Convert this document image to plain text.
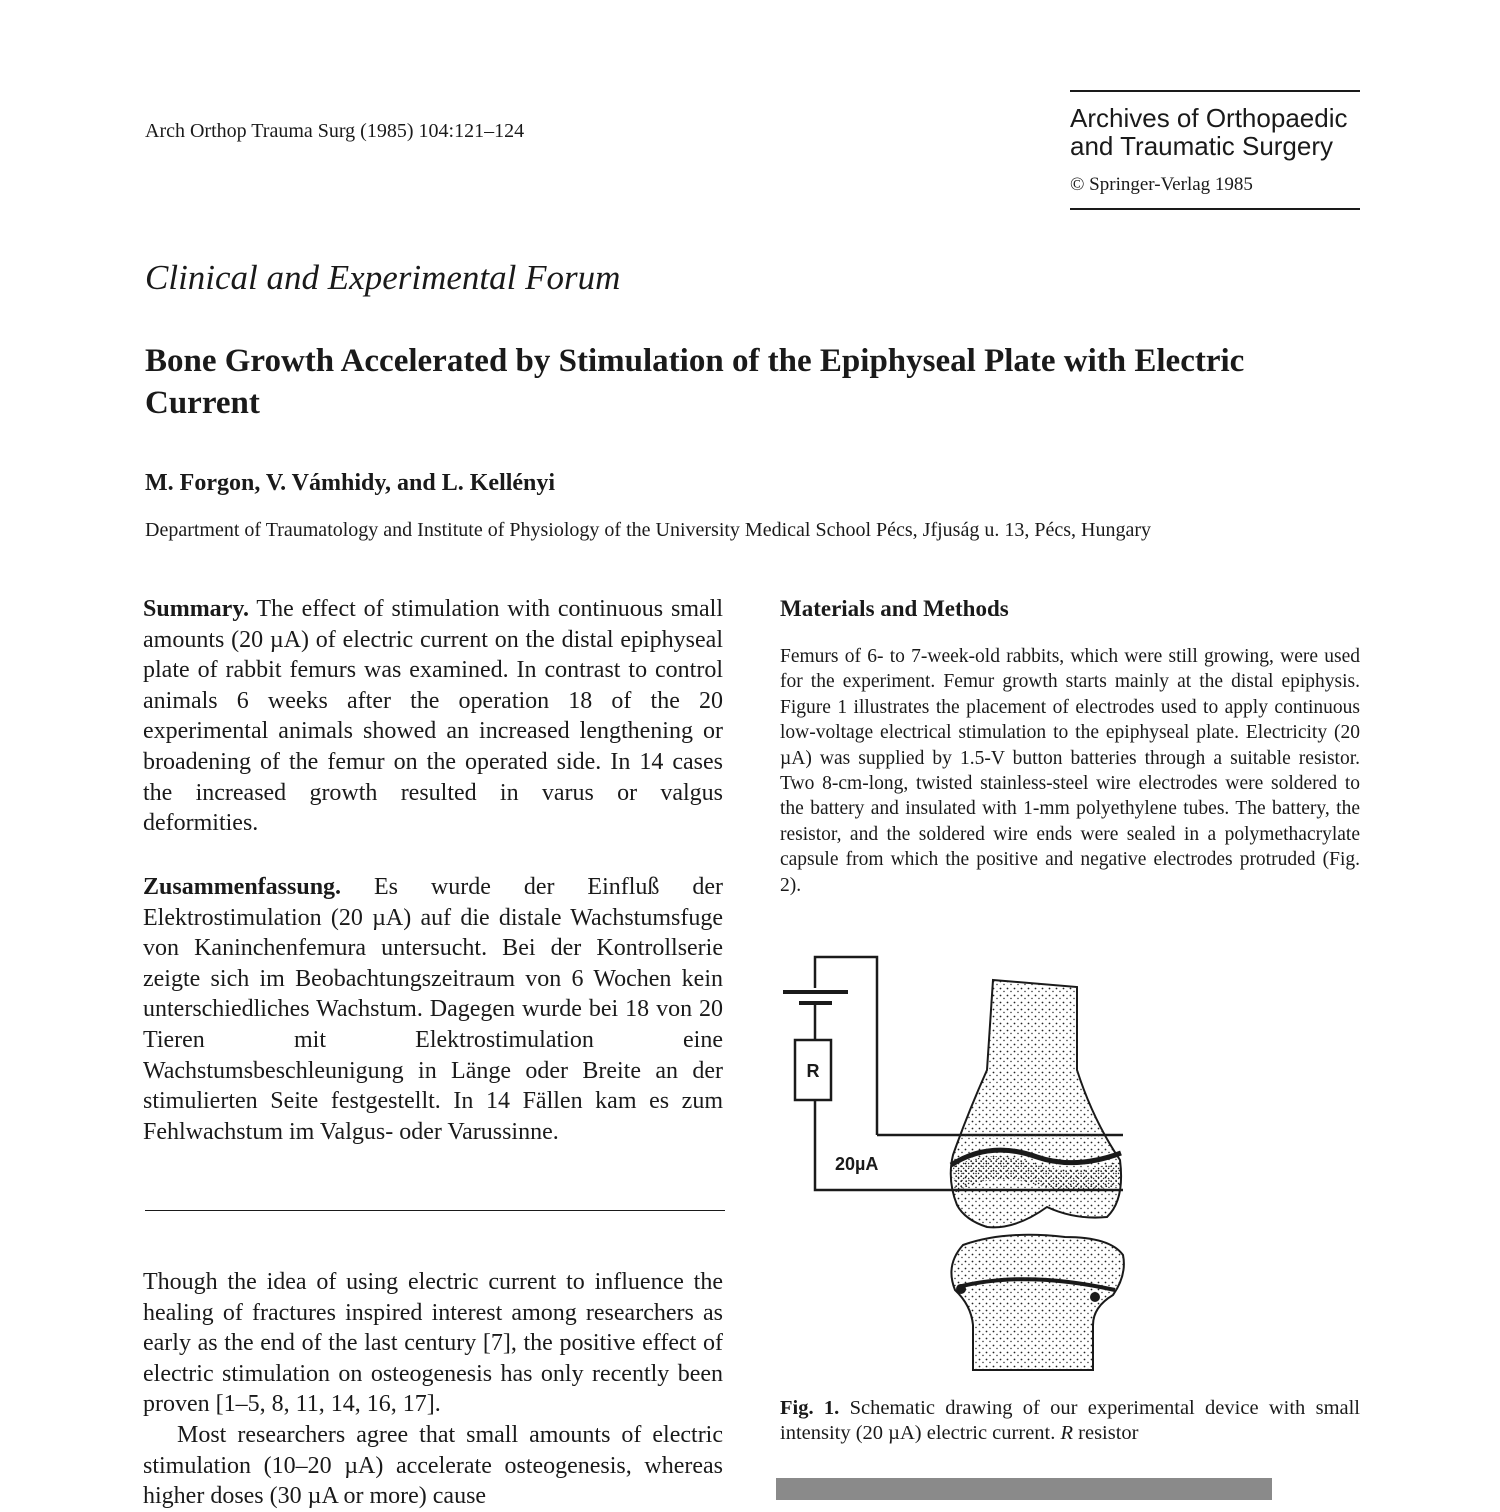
Arch Orthop Trauma Surg (1985) 104:121–124	Archives of Orthopaedic
and Traumatic Surgery
© Springer-Verlag 1985
Clinical and Experimental Forum
Bone Growth Accelerated by Stimulation of the Epiphyseal Plate with Electric Current
M. Forgon, V. Vámhidy, and L. Kellényi
Department of Traumatology and Institute of Physiology of the University Medical School Pécs, Jfjuság u. 13, Pécs, Hungary
Summary. The effect of stimulation with continuous small amounts (20 µA) of electric current on the distal epiphyseal plate of rabbit femurs was examined. In contrast to control animals 6 weeks after the operation 18 of the 20 experimental animals showed an increased lengthening or broadening of the femur on the operated side. In 14 cases the increased growth resulted in varus or valgus deformities.
Zusammenfassung. Es wurde der Einfluß der Elektrostimulation (20 µA) auf die distale Wachstumsfuge von Kaninchenfemura untersucht. Bei der Kontrollserie zeigte sich im Beobachtungszeitraum von 6 Wochen kein unterschiedliches Wachstum. Dagegen wurde bei 18 von 20 Tieren mit Elektrostimulation eine Wachstumsbeschleunigung in Länge oder Breite an der stimulierten Seite festgestellt. In 14 Fällen kam es zum Fehlwachstum im Valgus- oder Varussinne.

Though the idea of using electric current to influence the healing of fractures inspired interest among researchers as early as the end of the last century [7], the positive effect of electric stimulation on osteogenesis has only recently been proven [1–5, 8, 11, 14, 16, 17].

Most researchers agree that small amounts of electric stimulation (10–20 µA) accelerate osteogenesis, whereas higher doses (30 µA or more) cause

Materials and Methods
Femurs of 6- to 7-week-old rabbits, which were still growing, were used for the experiment. Femur growth starts mainly at the distal epiphysis. Figure 1 illustrates the placement of electrodes used to apply continuous low-voltage electrical stimulation to the epiphyseal plate. Electricity (20 µA) was supplied by 1.5-V button batteries through a suitable resistor. Two 8-cm-long, twisted stainless-steel wire electrodes were soldered to the battery and insulated with 1-mm polyethylene tubes. The battery, the resistor, and the soldered wire ends were sealed in a polymethacrylate capsule from which the positive and negative electrodes protruded (Fig. 2).
R
20µA
Fig. 1. Schematic drawing of our experimental device with small intensity (20 µA) electric current. R resistor
